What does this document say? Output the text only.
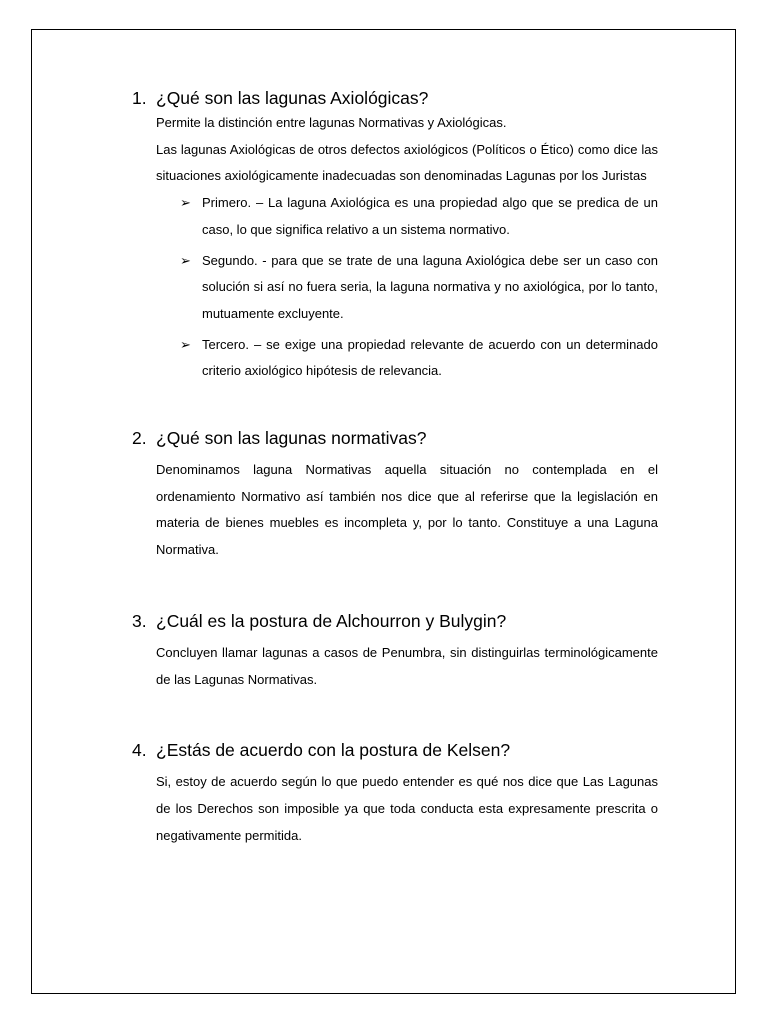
1. ¿Qué son las lagunas Axiológicas?

Permite la distinción entre lagunas Normativas y Axiológicas.

Las lagunas Axiológicas de otros defectos axiológicos (Políticos o Ético) como dice las situaciones axiológicamente inadecuadas son denominadas Lagunas por los Juristas

➢ Primero. – La laguna Axiológica es una propiedad algo que se predica de un caso, lo que significa relativo a un sistema normativo.
➢ Segundo. - para que se trate de una laguna Axiológica debe ser un caso con solución si así no fuera seria, la laguna normativa y no axiológica, por lo tanto, mutuamente excluyente.
➢ Tercero. – se exige una propiedad relevante de acuerdo con un determinado criterio axiológico hipótesis de relevancia.
2. ¿Qué son las lagunas normativas?

Denominamos laguna Normativas aquella situación no contemplada en el ordenamiento Normativo así también nos dice que al referirse que la legislación en materia de bienes muebles es incompleta y, por lo tanto. Constituye a una Laguna Normativa.

3. ¿Cuál es la postura de Alchourron y Bulygin?

Concluyen llamar lagunas a casos de Penumbra, sin distinguirlas terminológicamente de las Lagunas Normativas.

4. ¿Estás de acuerdo con la postura de Kelsen?

Si, estoy de acuerdo según lo que puedo entender es qué nos dice que Las Lagunas de los Derechos son imposible ya que toda conducta esta expresamente prescrita o negativamente permitida.
